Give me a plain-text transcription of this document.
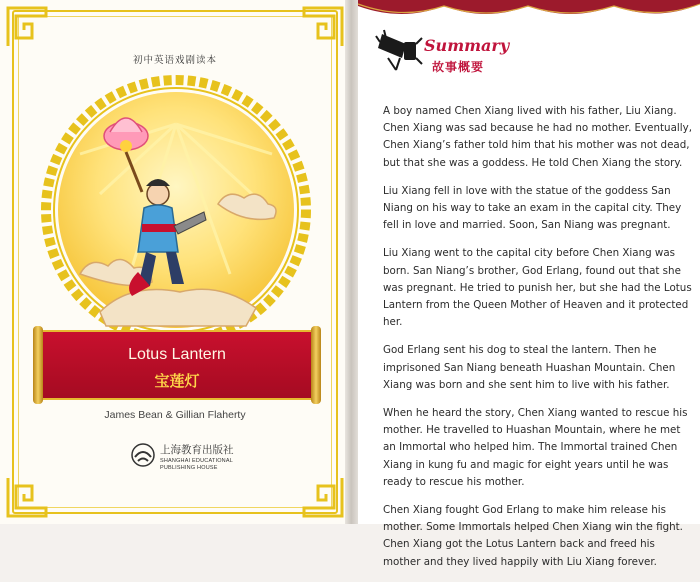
初中英语戏剧读本
Lotus Lantern
宝莲灯
James Bean & Gillian Flaherty
上海教育出版社
SHANGHAI EDUCATIONAL
PUBLISHING HOUSE
Summary
故事概要

A boy named Chen Xiang lived with his father, Liu Xiang. Chen Xiang was sad because he had no mother. Eventually, Chen Xiang’s father told him that his mother was not dead, but that she was a goddess. He told Chen Xiang the story.

Liu Xiang fell in love with the statue of the goddess San Niang on his way to take an exam in the capital city. They fell in love and married. Soon, San Niang was pregnant.

Liu Xiang went to the capital city before Chen Xiang was born. San Niang’s brother, God Erlang, found out that she was pregnant. He tried to punish her, but she had the Lotus Lantern from the Queen Mother of Heaven and it protected her.

God Erlang sent his dog to steal the lantern. Then he imprisoned San Niang beneath Huashan Mountain. Chen Xiang was born and she sent him to live with his father.

When he heard the story, Chen Xiang wanted to rescue his mother. He travelled to Huashan Mountain, where he met an Immortal who helped him. The Immortal trained Chen Xiang in kung fu and magic for eight years until he was ready to rescue his mother.

Chen Xiang fought God Erlang to make him release his mother. Some Immortals helped Chen Xiang win the fight. Chen Xiang got the Lotus Lantern back and freed his mother and they lived happily with Liu Xiang forever.
